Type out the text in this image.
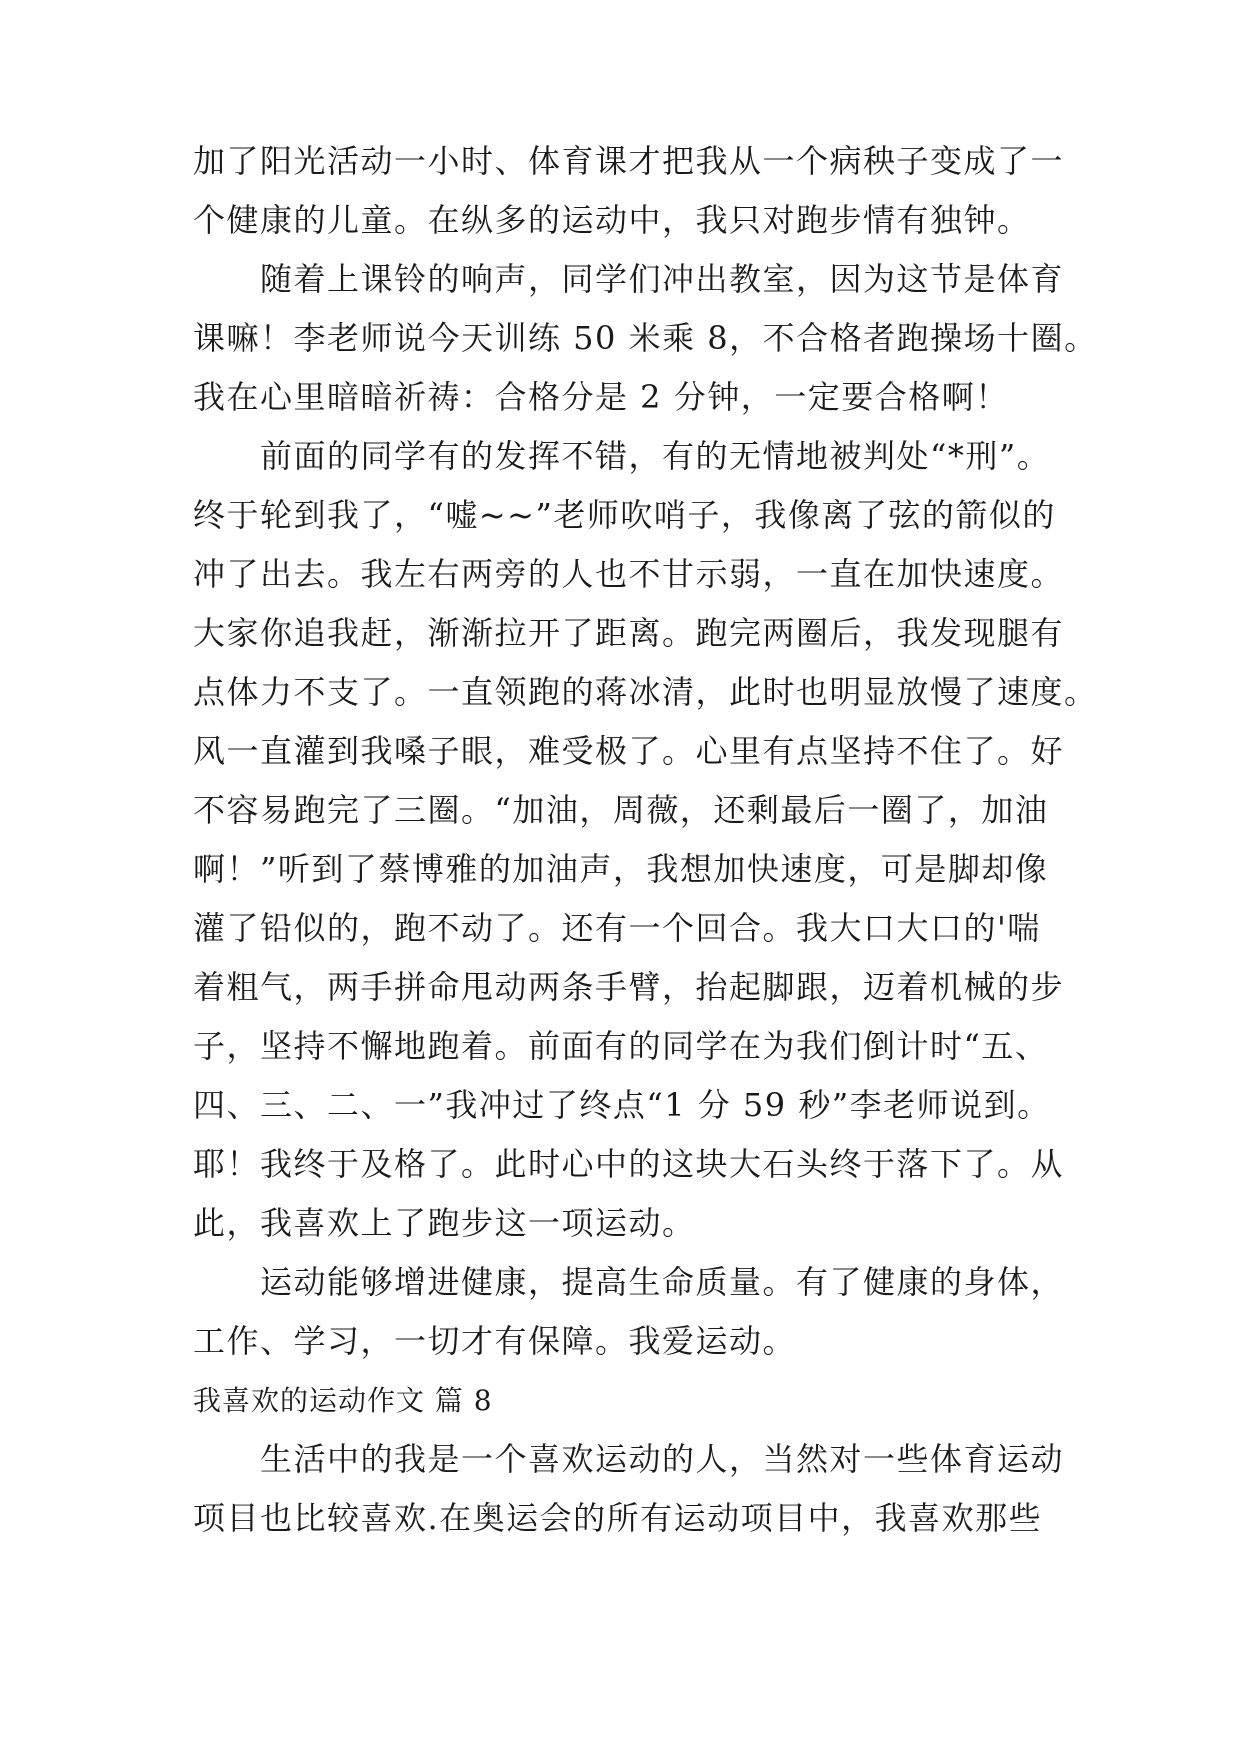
加了阳光活动一小时、体育课才把我从一个病秧子变成了一
个健康的儿童。在纵多的运动中，我只对跑步情有独钟。
　　随着上课铃的响声，同学们冲出教室，因为这节是体育
课嘛！李老师说今天训练 50 米乘 8，不合格者跑操场十圈。
我在心里暗暗祈祷：合格分是 2 分钟，一定要合格啊！
　　前面的同学有的发挥不错，有的无情地被判处“*刑”。
终于轮到我了，“嘘~~”老师吹哨子，我像离了弦的箭似的
冲了出去。我左右两旁的人也不甘示弱，一直在加快速度。
大家你追我赶，渐渐拉开了距离。跑完两圈后，我发现腿有
点体力不支了。一直领跑的蒋冰清，此时也明显放慢了速度。
风一直灌到我嗓子眼，难受极了。心里有点坚持不住了。好
不容易跑完了三圈。“加油，周薇，还剩最后一圈了，加油
啊！”听到了蔡博雅的加油声，我想加快速度，可是脚却像
灌了铅似的，跑不动了。还有一个回合。我大口大口的'喘
着粗气，两手拼命甩动两条手臂，抬起脚跟，迈着机械的步
子，坚持不懈地跑着。前面有的同学在为我们倒计时“五、
四、三、二、一”我冲过了终点“1 分 59 秒”李老师说到。
耶！我终于及格了。此时心中的这块大石头终于落下了。从
此，我喜欢上了跑步这一项运动。
　　运动能够增进健康，提高生命质量。有了健康的身体，
工作、学习，一切才有保障。我爱运动。
我喜欢的运动作文 篇 8
　　生活中的我是一个喜欢运动的人，当然对一些体育运动
项目也比较喜欢.在奥运会的所有运动项目中，我喜欢那些
